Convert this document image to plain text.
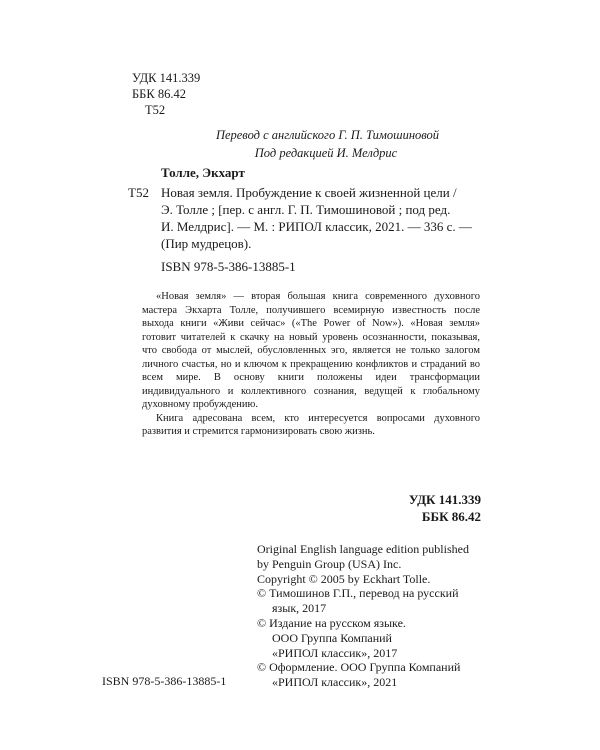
УДК 141.339
ББК 86.42
Т52
Перевод с английского Г. П. Тимошиновой
Под редакцией И. Мелдрис
Толле, Экхарт
Т52 Новая земля. Пробуждение к своей жизненной цели /
Э. Толле ; [пер. с англ. Г. П. Тимошиновой ; под ред.
И. Мелдрис]. — М. : РИПОЛ классик, 2021. — 336 с. —
(Пир мудрецов).
ISBN 978-5-386-13885-1

«Новая земля» — вторая большая книга современного духовного мастера Экхарта Толле, получившего всемирную известность после выхода книги «Живи сейчас» («The Power of Now»). «Новая земля» готовит читателей к скачку на новый уровень осознанности, показывая, что свобода от мыслей, обусловленных эго, является не только залогом личного счастья, но и ключом к прекращению конфликтов и страданий во всем мире. В основу книги положены идеи трансформации индивидуального и коллективного сознания, ведущей к глобальному духовному пробуждению.

Книга адресована всем, кто интересуется вопросами духовного развития и стремится гармонизировать свою жизнь.

УДК 141.339
ББК 86.42
Original English language edition published
by Penguin Group (USA) Inc.
Copyright © 2005 by Eckhart Tolle.
© Тимошинов Г.П., перевод на русский
язык, 2017
© Издание на русском языке.
ООО Группа Компаний
«РИПОЛ классик», 2017
© Оформление. ООО Группа Компаний
«РИПОЛ классик», 2021
ISBN 978-5-386-13885-1
